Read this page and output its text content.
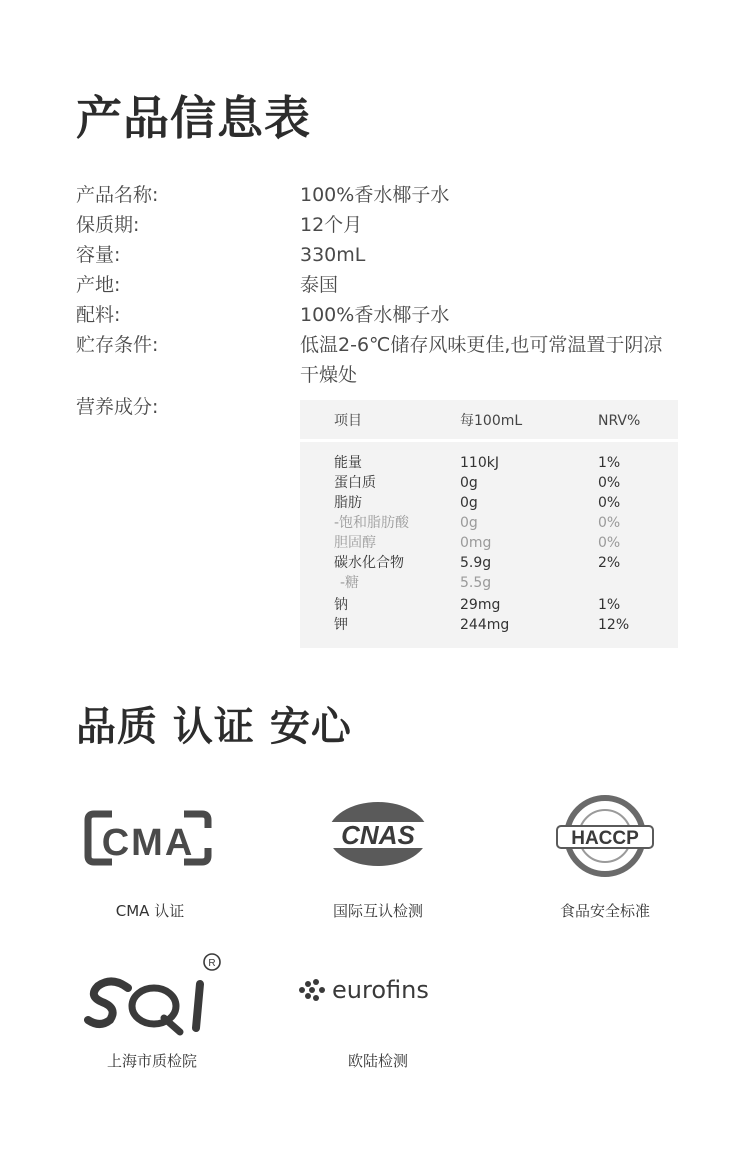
产品信息表
产品名称:	100%香水椰子水
保质期:	12个月
容量:	330mL
产地:	泰国
配料:	100%香水椰子水
贮存条件:	低温2-6℃储存风味更佳,也可常温置于阴凉干燥处
营养成分:
项目	每100mL	NRV%
能量	110kJ	1%
蛋白质	0g	0%
脂肪	0g	0%
-饱和脂肪酸	0g	0%
胆固醇	0mg	0%
碳水化合物	5.9g	2%
-糖	5.5g
钠	29mg	1%
钾	244mg	12%
品质 认证 安心
CMA
CMA 认证
CNAS
国际互认检测
HACCP
食品安全标准
R
SQI
上海市质检院
eurofins
欧陆检测
